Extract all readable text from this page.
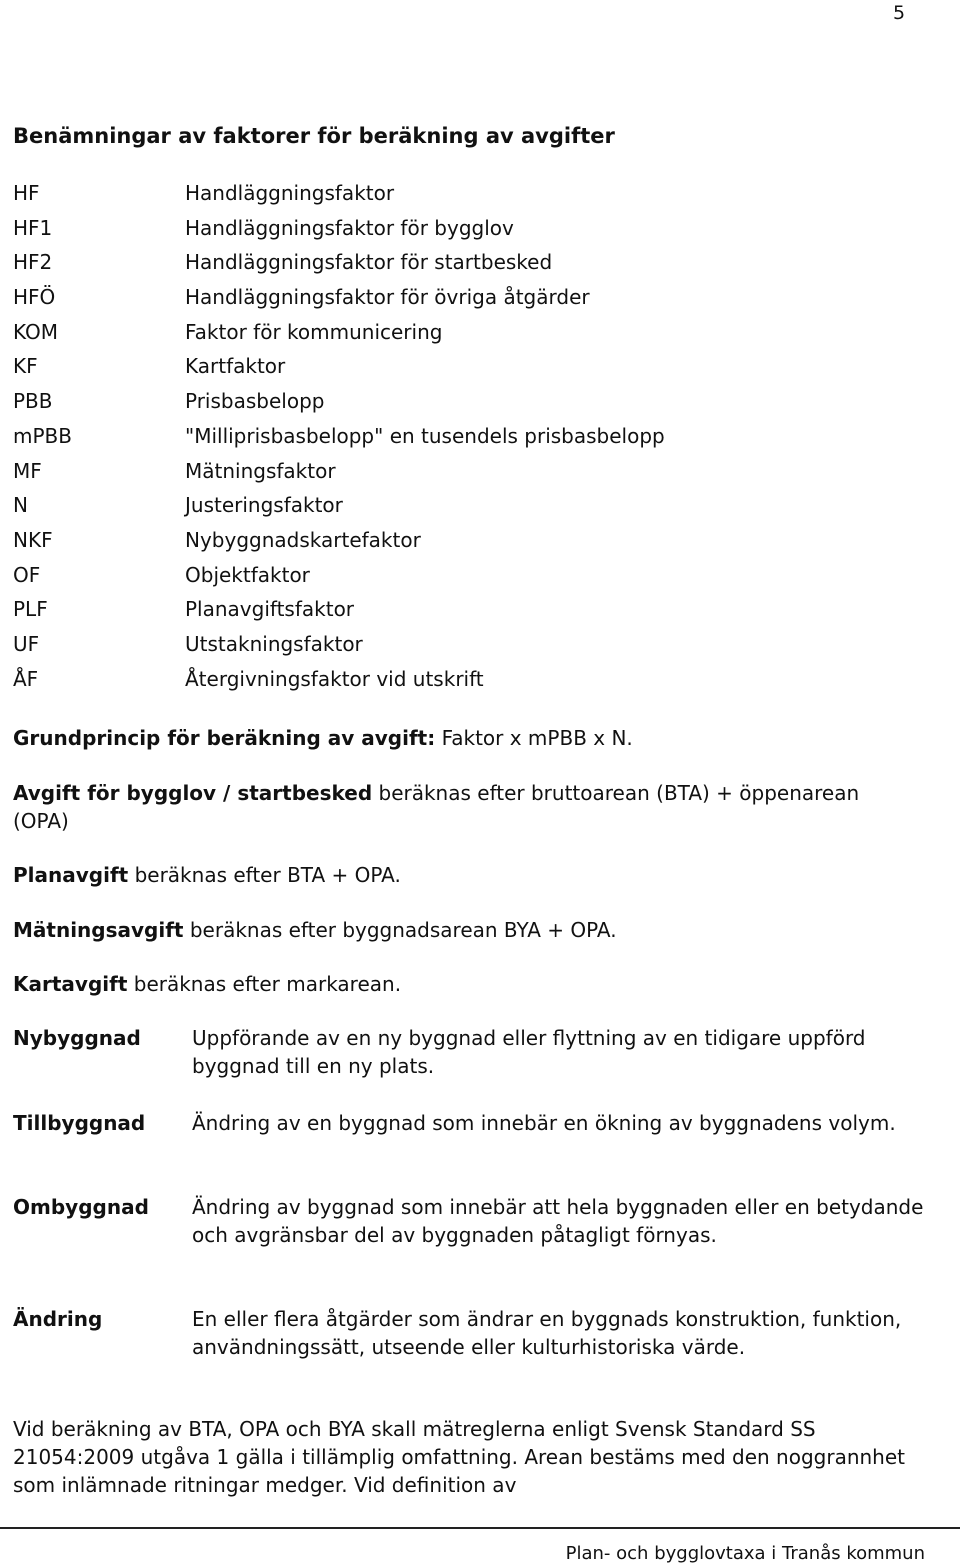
5
Benämningar av faktorer för beräkning av avgifter
HF	Handläggningsfaktor
HF1	Handläggningsfaktor för bygglov
HF2	Handläggningsfaktor för startbesked
HFÖ	Handläggningsfaktor för övriga åtgärder
KOM	Faktor för kommunicering
KF	Kartfaktor
PBB	Prisbasbelopp
mPBB	"Milliprisbasbelopp" en tusendels prisbasbelopp
MF	Mätningsfaktor
N	Justeringsfaktor
NKF	Nybyggnadskartefaktor
OF	Objektfaktor
PLF	Planavgiftsfaktor
UF	Utstakningsfaktor
ÅF	Återgivningsfaktor vid utskrift

Grundprincip för beräkning av avgift: Faktor x mPBB x N.

Avgift för bygglov / startbesked beräknas efter bruttoarean (BTA) + öppenarean (OPA)

Planavgift beräknas efter BTA + OPA.

Mätningsavgift beräknas efter byggnadsarean BYA + OPA.

Kartavgift beräknas efter markarean.

Nybyggnad	Uppförande av en ny byggnad eller flyttning av en tidigare uppförd byggnad till en ny plats.
Tillbyggnad	Ändring av en byggnad som innebär en ökning av byggnadens volym.
Ombyggnad	Ändring av byggnad som innebär att hela byggnaden eller en betydande och avgränsbar del av byggnaden påtagligt förnyas.
Ändring	En eller flera åtgärder som ändrar en byggnads konstruktion, funktion, användningssätt, utseende eller kulturhistoriska värde.

Vid beräkning av BTA, OPA och BYA skall mätreglerna enligt Svensk Standard SS 21054:2009 utgåva 1 gälla i tillämplig omfattning. Arean bestäms med den noggrannhet som inlämnade ritningar medger. Vid definition av

Plan- och bygglovtaxa i Tranås kommun
